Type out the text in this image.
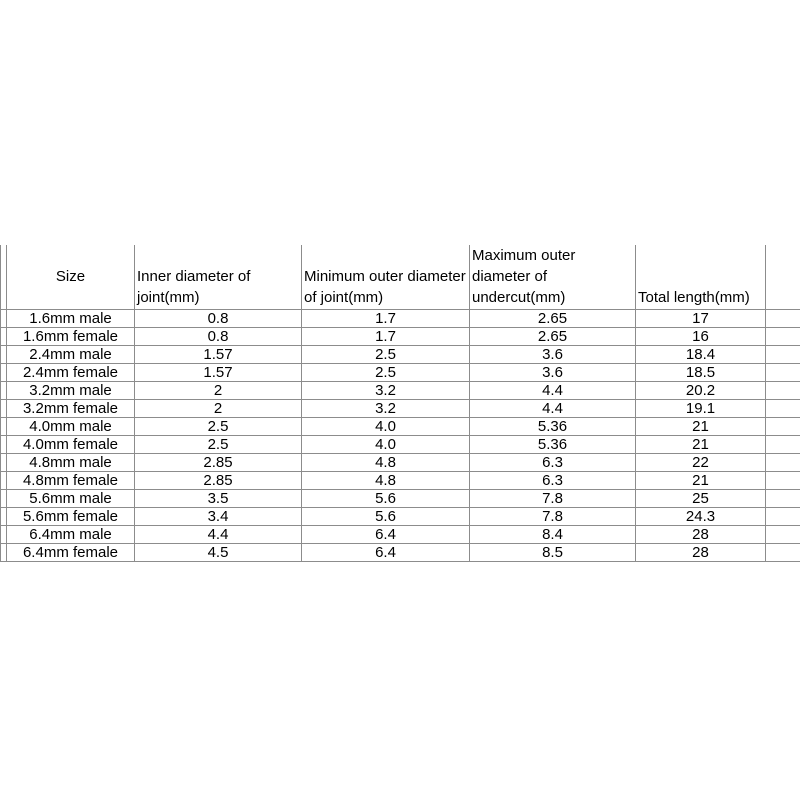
	Size	Inner diameter of joint(mm)	Minimum outer diameter of joint(mm)	Maximum outer diameter of undercut(mm)	Total length(mm)	
	1.6mm male	0.8	1.7	2.65	17	
	1.6mm female	0.8	1.7	2.65	16	
	2.4mm male	1.57	2.5	3.6	18.4	
	2.4mm female	1.57	2.5	3.6	18.5	
	3.2mm male	2	3.2	4.4	20.2	
	3.2mm female	2	3.2	4.4	19.1	
	4.0mm male	2.5	4.0	5.36	21	
	4.0mm female	2.5	4.0	5.36	21	
	4.8mm male	2.85	4.8	6.3	22	
	4.8mm female	2.85	4.8	6.3	21	
	5.6mm male	3.5	5.6	7.8	25	
	5.6mm female	3.4	5.6	7.8	24.3	
	6.4mm male	4.4	6.4	8.4	28	
	6.4mm female	4.5	6.4	8.5	28	
